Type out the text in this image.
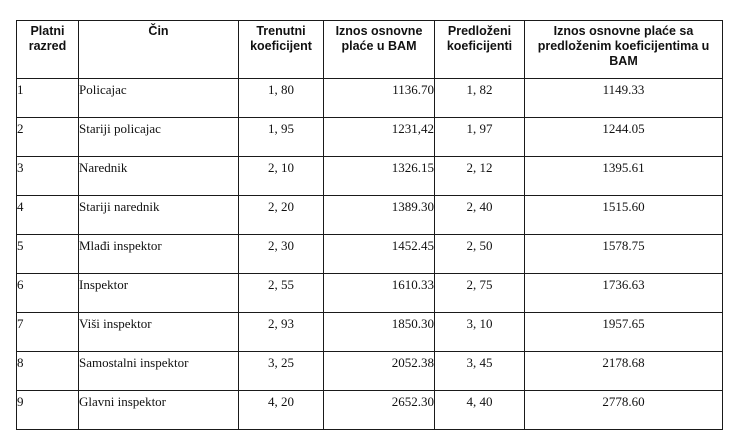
Platni razred	Čin	Trenutni koeficijent	Iznos osnovne plaće u BAM	Predloženi koeficijenti	Iznos osnovne plaće sa predloženim koeficijentima u BAM
1	Policajac	1, 80	1136.70	1, 82	1149.33
2	Stariji policajac	1, 95	1231,42	1, 97	1244.05
3	Narednik	2, 10	1326.15	2, 12	1395.61
4	Stariji narednik	2, 20	1389.30	2, 40	1515.60
5	Mlađi inspektor	2, 30	1452.45	2, 50	1578.75
6	Inspektor	2, 55	1610.33	2, 75	1736.63
7	Viši inspektor	2, 93	1850.30	3, 10	1957.65
8	Samostalni inspektor	3, 25	2052.38	3, 45	2178.68
9	Glavni inspektor	4, 20	2652.30	4, 40	2778.60
